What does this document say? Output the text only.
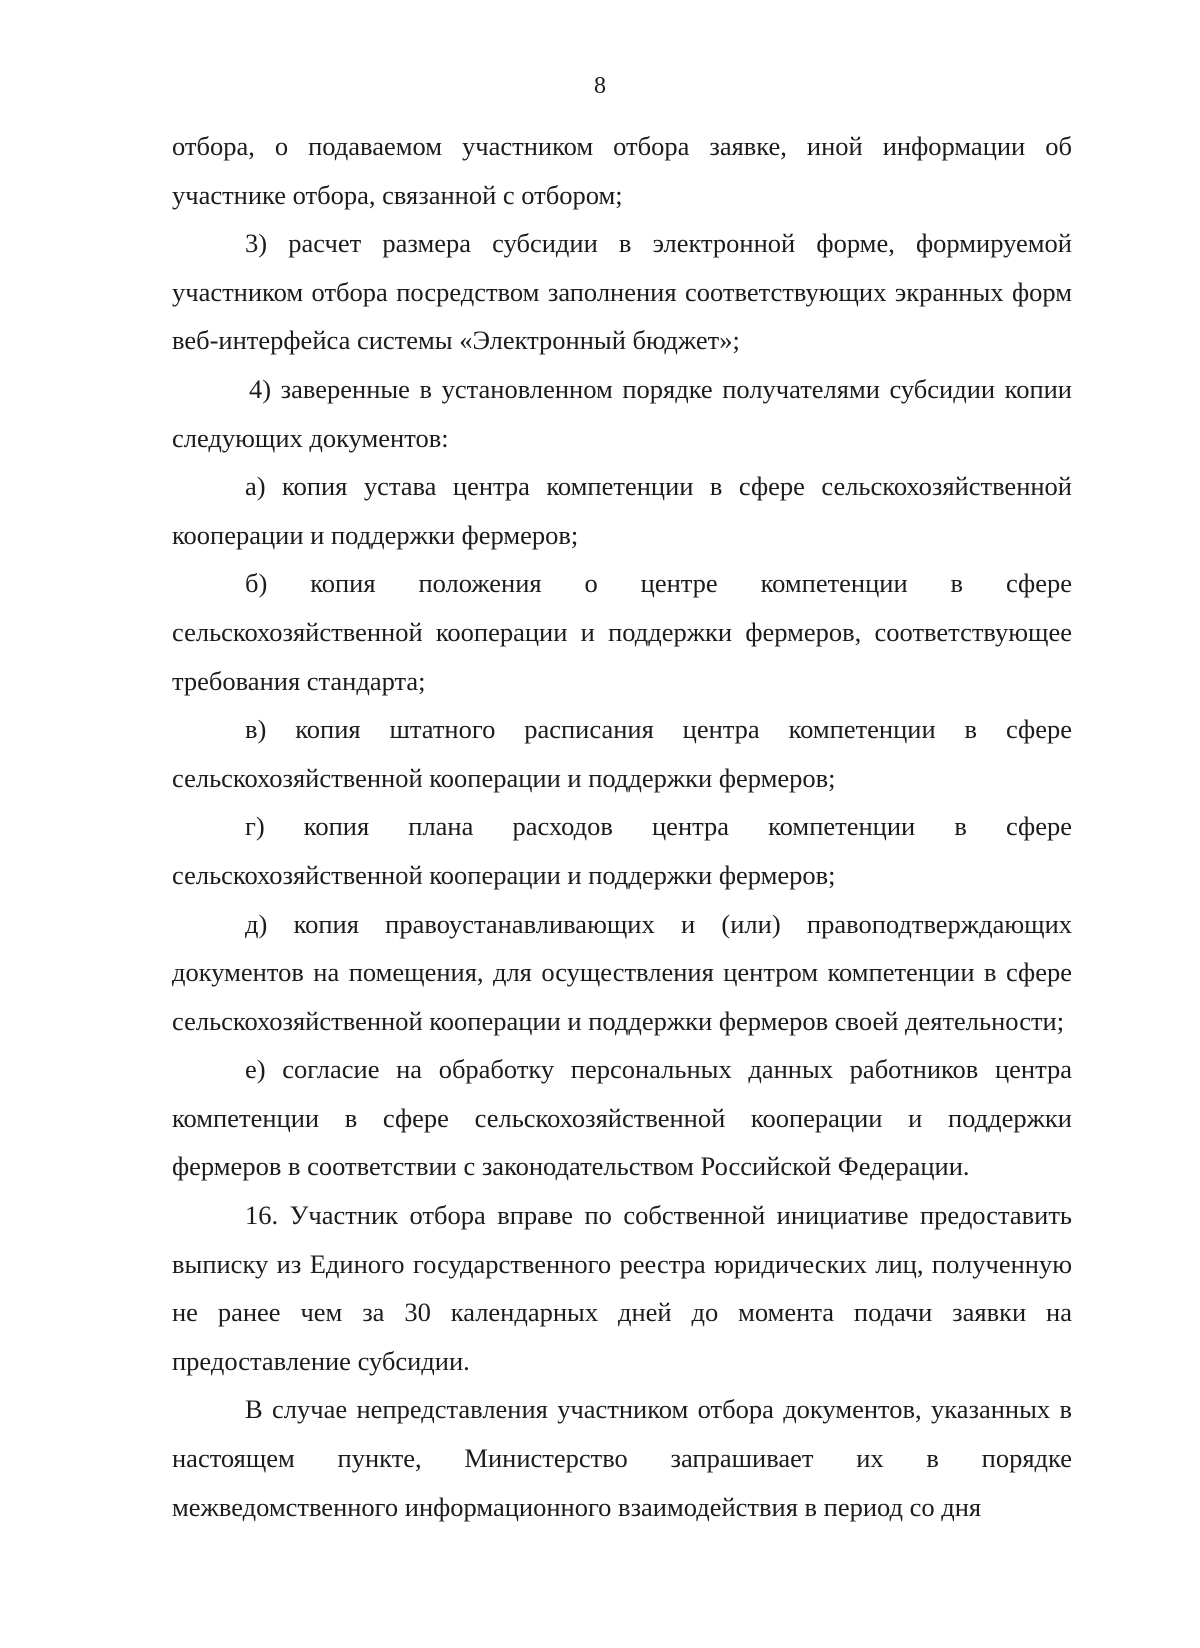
8

отбора, о подаваемом участником отбора заявке, иной информации об участнике отбора, связанной с отбором;

3) расчет размера субсидии в электронной форме, формируемой участником отбора посредством заполнения соответствующих экранных форм веб-интерфейса системы «Электронный бюджет»;

4) заверенные в установленном порядке получателями субсидии копии следующих документов:

а) копия устава центра компетенции в сфере сельскохозяйственной кооперации и поддержки фермеров;

б) копия положения о центре компетенции в сфере сельскохозяйственной кооперации и поддержки фермеров, соответствующее требования стандарта;

в) копия штатного расписания центра компетенции в сфере сельскохозяйственной кооперации и поддержки фермеров;

г) копия плана расходов центра компетенции в сфере сельскохозяйственной кооперации и поддержки фермеров;

д) копия правоустанавливающих и (или) правоподтверждающих документов на помещения, для осуществления центром компетенции в сфере сельскохозяйственной кооперации и поддержки фермеров своей деятельности;

е) согласие на обработку персональных данных работников центра компетенции в сфере сельскохозяйственной кооперации и поддержки фермеров в соответствии с законодательством Российской Федерации.

16. Участник отбора вправе по собственной инициативе предоставить выписку из Единого государственного реестра юридических лиц, полученную не ранее чем за 30 календарных дней до момента подачи заявки на предоставление субсидии.

В случае непредставления участником отбора документов, указанных в настоящем пункте, Министерство запрашивает их в порядке межведомственного информационного взаимодействия в период со дня
